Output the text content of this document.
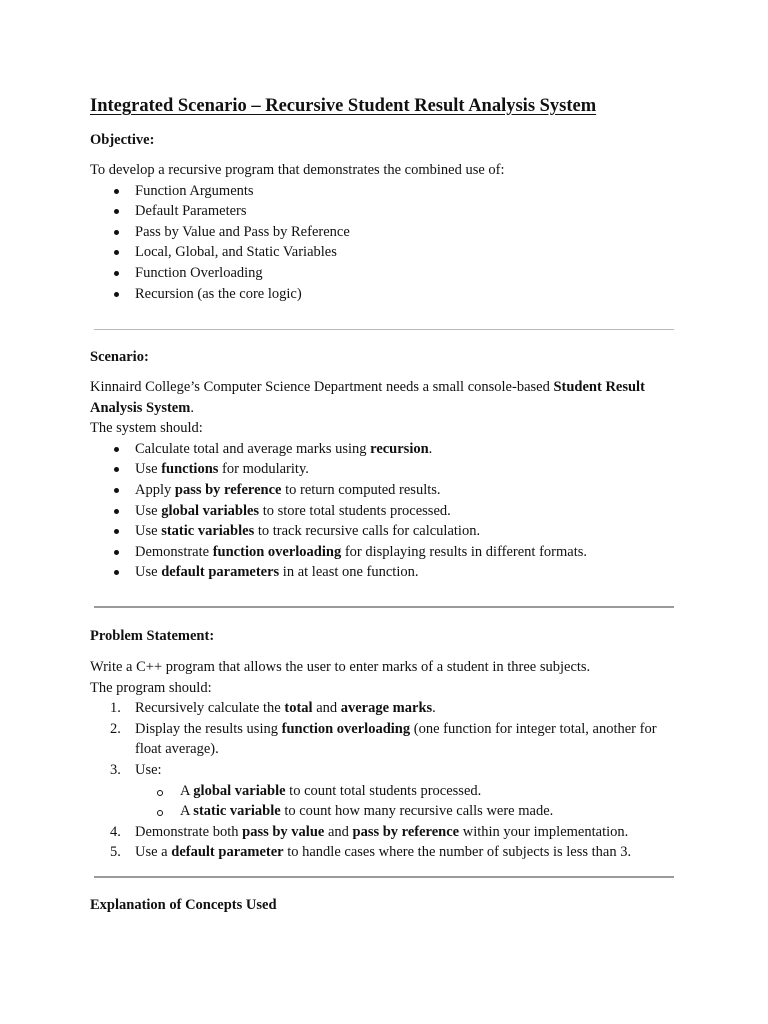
Integrated Scenario – Recursive Student Result Analysis System
Objective:

To develop a recursive program that demonstrates the combined use of:

Function Arguments
Default Parameters
Pass by Value and Pass by Reference
Local, Global, and Static Variables
Function Overloading
Recursion (as the core logic)
Scenario:

Kinnaird College’s Computer Science Department needs a small console-based Student Result

Analysis System.

The system should:

Calculate total and average marks using recursion.
Use functions for modularity.
Apply pass by reference to return computed results.
Use global variables to store total students processed.
Use static variables to track recursive calls for calculation.
Demonstrate function overloading for displaying results in different formats.
Use default parameters in at least one function.
Problem Statement:

Write a C++ program that allows the user to enter marks of a student in three subjects.

The program should:

1. Recursively calculate the total and average marks.
2. Display the results using function overloading (one function for integer total, another for
float average).
3. Use:
A global variable to count total students processed.
A static variable to count how many recursive calls were made.
4. Demonstrate both pass by value and pass by reference within your implementation.
5. Use a default parameter to handle cases where the number of subjects is less than 3.
Explanation of Concepts Used
